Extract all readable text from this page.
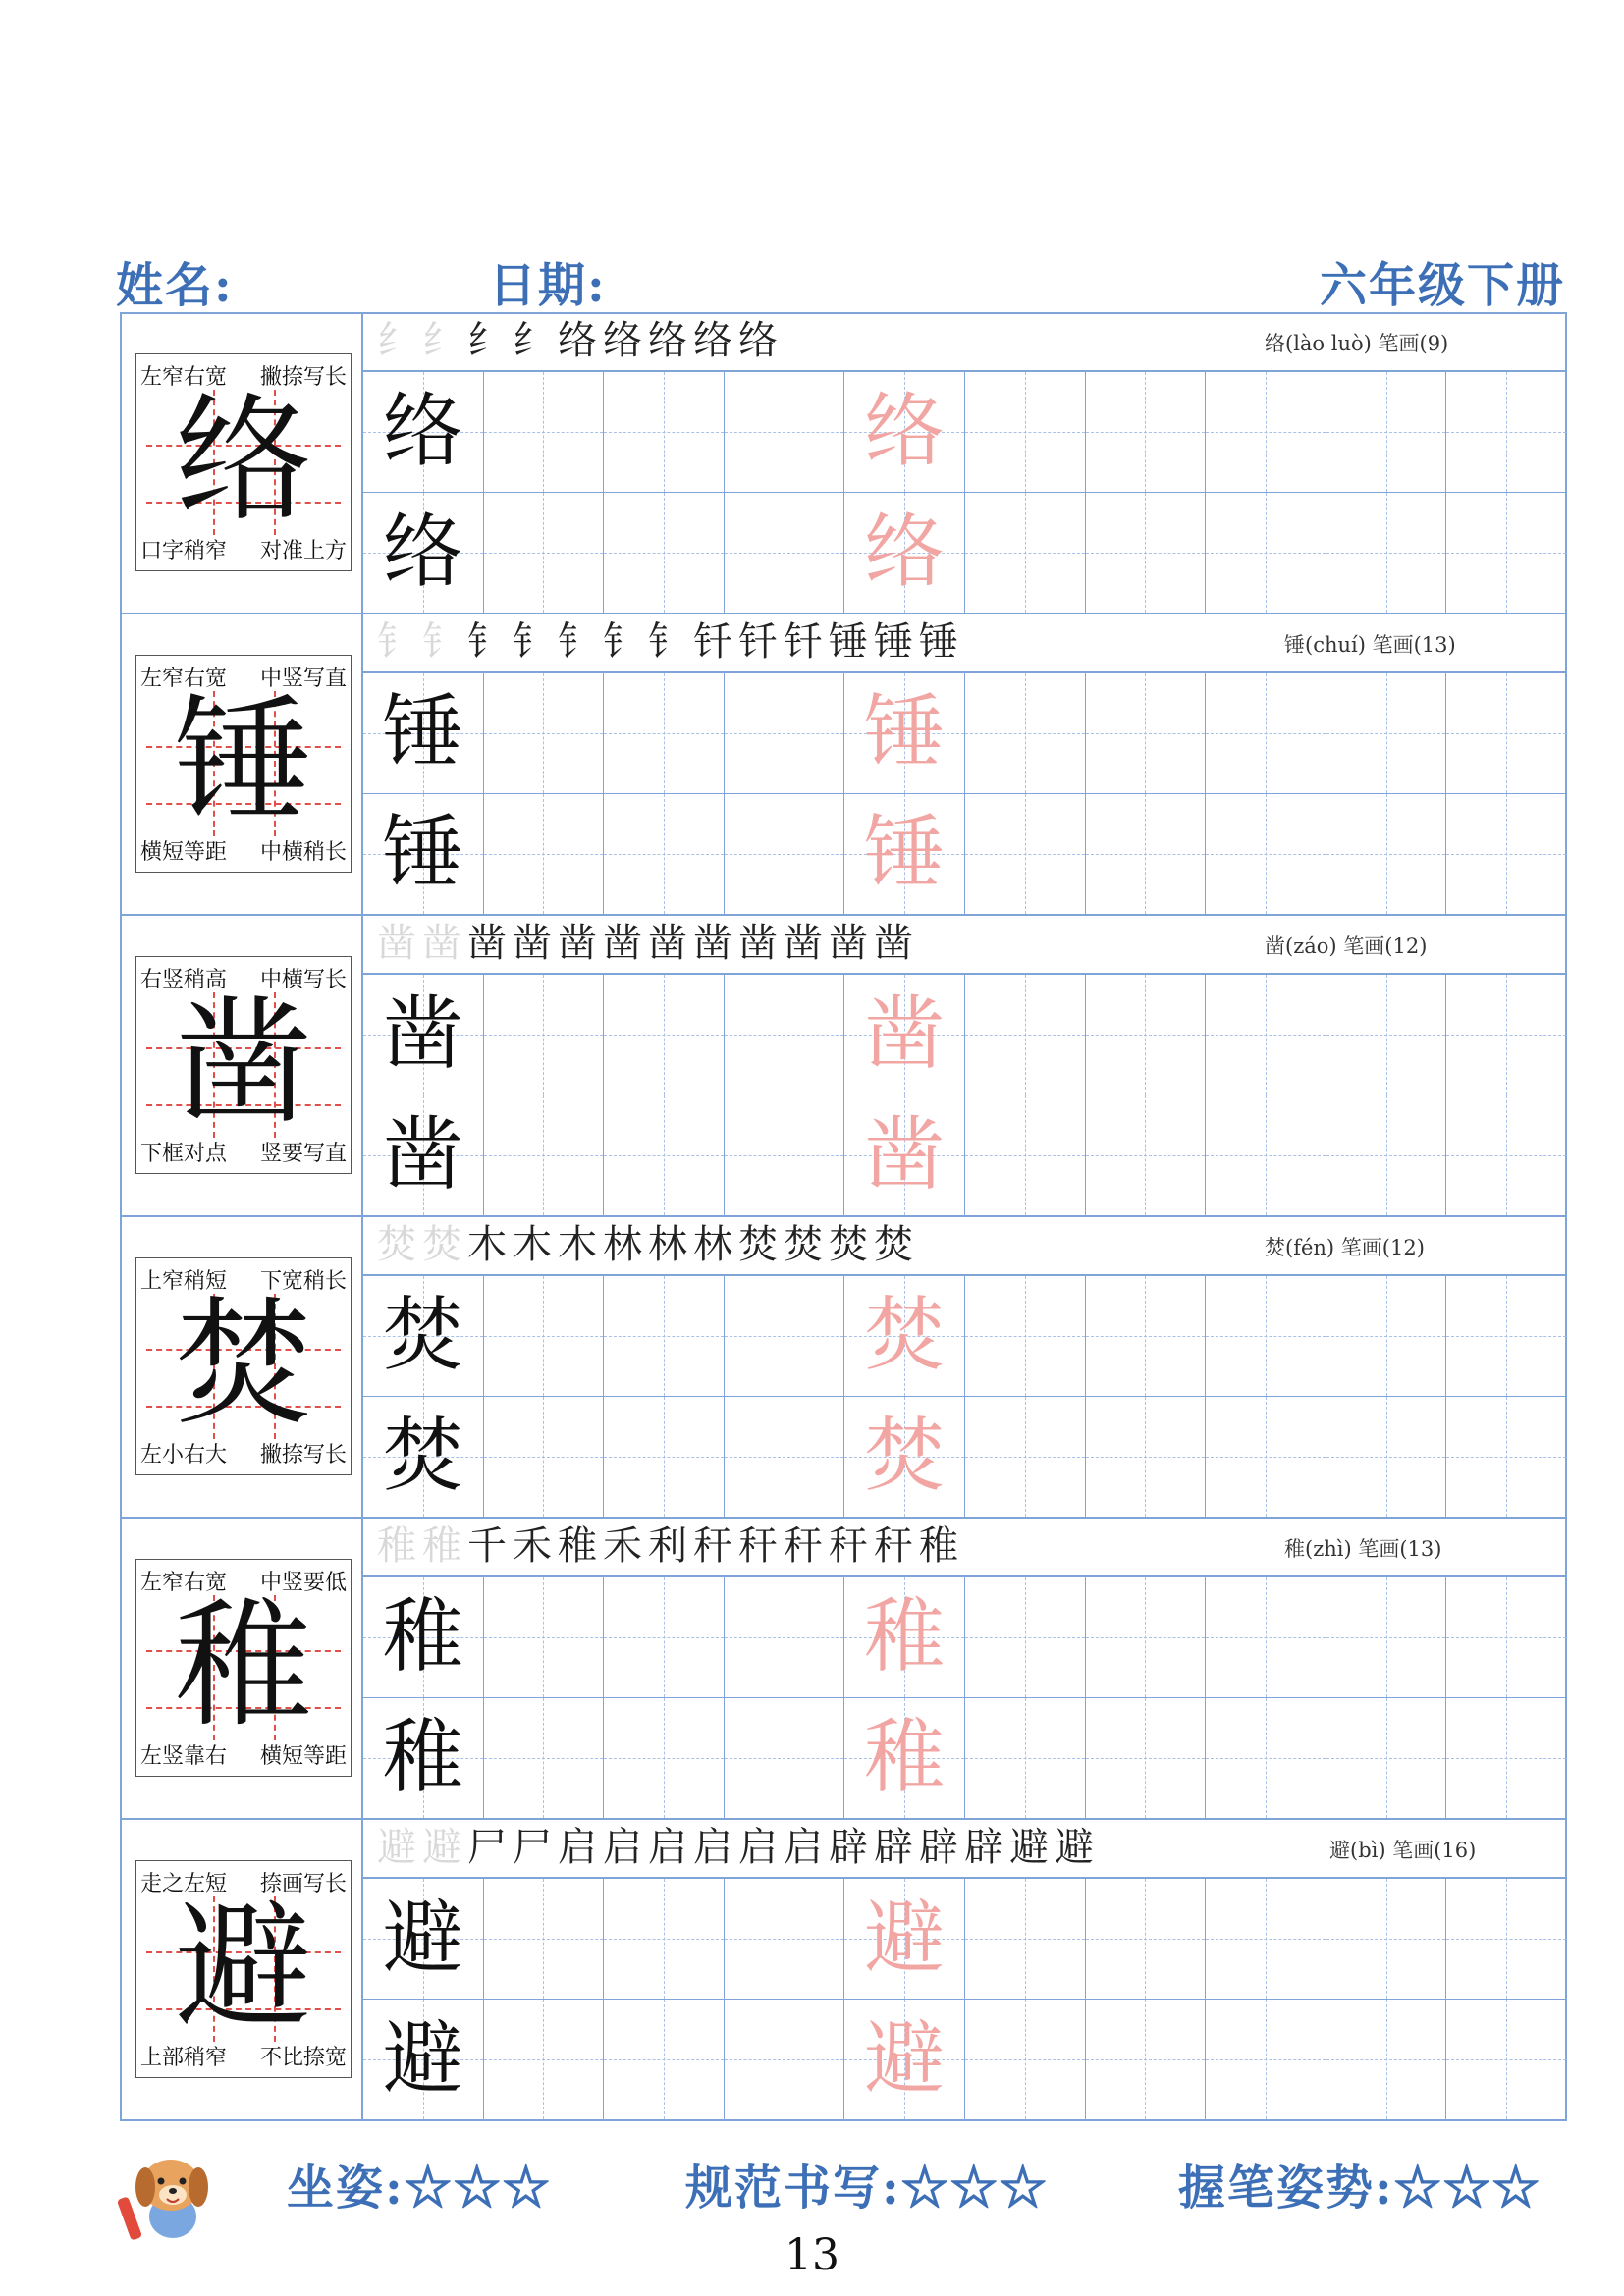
姓名:	日期:	六年级下册
络
左窄右宽 撇捺写长
口字稍窄 对准上方
纟纟纟纟络络络络络	络(lào luò) 笔画(9)
络	络
络	络
锤
左窄右宽 中竖写直
横短等距 中横稍长
钅钅钅钅钅钅钅钎钎钎锤锤锤	锤(chuí) 笔画(13)
锤	锤
锤	锤
凿
右竖稍高 中横写长
下框对点 竖要写直
凿凿凿凿凿凿凿凿凿凿凿凿	凿(záo) 笔画(12)
凿	凿
凿	凿
焚
上窄稍短 下宽稍长
左小右大 撇捺写长
焚焚木木木林林林焚焚焚焚	焚(fén) 笔画(12)
焚	焚
焚	焚
稚
左窄右宽 中竖要低
左竖靠右 横短等距
稚稚千禾稚禾利秆秆秆秆秆稚	稚(zhì) 笔画(13)
稚	稚
稚	稚
避
走之左短 捺画写长
上部稍窄 不比捺宽
避避尸尸启启启启启启辟辟辟辟避避	避(bì) 笔画(16)
避	避
避	避
坐姿:☆☆☆	规范书写:☆☆☆	握笔姿势:☆☆☆
13
